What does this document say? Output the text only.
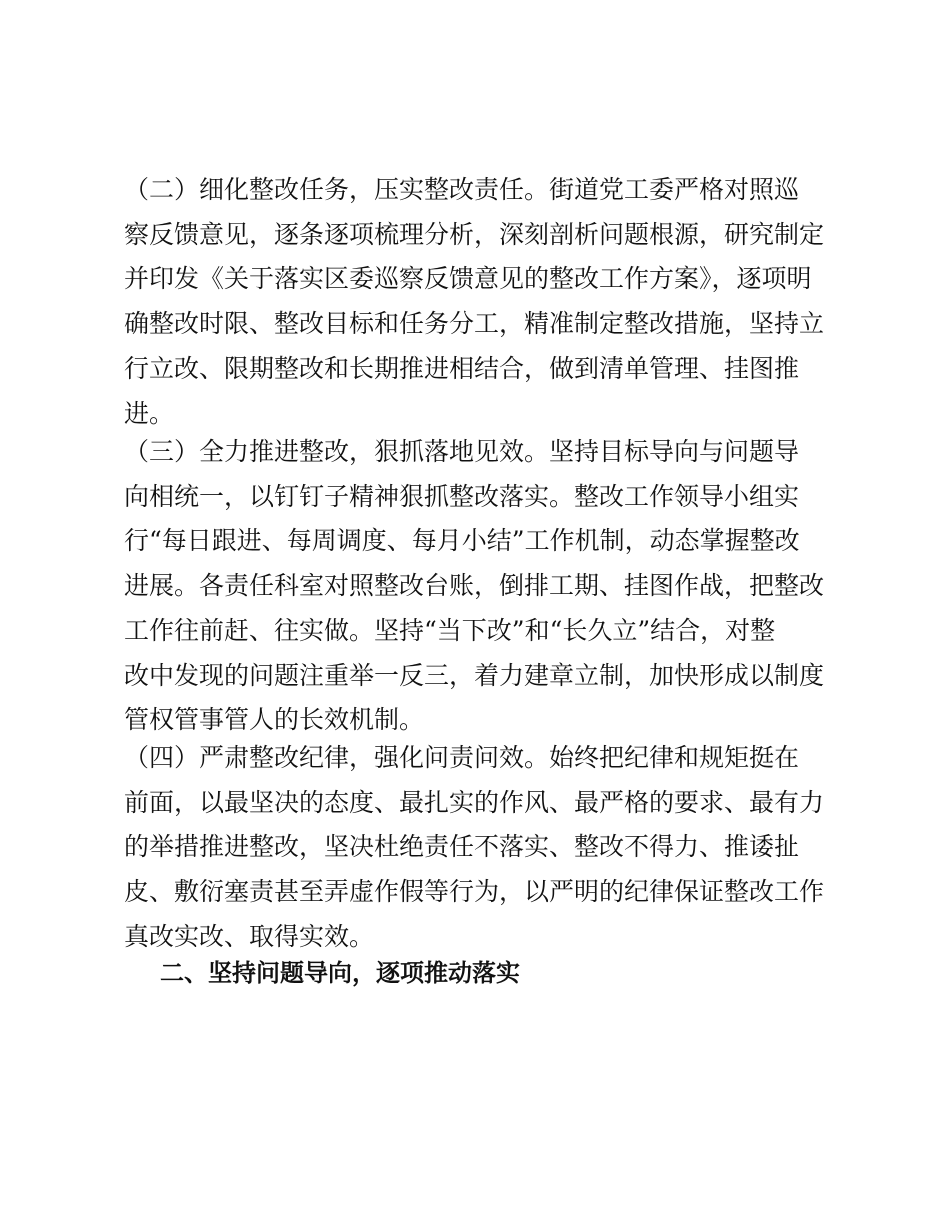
（二）细化整改任务，压实整改责任。街道党工委严格对照巡
察反馈意见，逐条逐项梳理分析，深刻剖析问题根源，研究制定
并印发《关于落实区委巡察反馈意见的整改工作方案》，逐项明
确整改时限、整改目标和任务分工，精准制定整改措施，坚持立
行立改、限期整改和长期推进相结合，做到清单管理、挂图推
进。

（三）全力推进整改，狠抓落地见效。坚持目标导向与问题导
向相统一，以钉钉子精神狠抓整改落实。整改工作领导小组实
行“每日跟进、每周调度、每月小结”工作机制，动态掌握整改
进展。各责任科室对照整改台账，倒排工期、挂图作战，把整改
工作往前赶、往实做。坚持“当下改”和“长久立”结合，对整
改中发现的问题注重举一反三，着力建章立制，加快形成以制度
管权管事管人的长效机制。

（四）严肃整改纪律，强化问责问效。始终把纪律和规矩挺在
前面，以最坚决的态度、最扎实的作风、最严格的要求、最有力
的举措推进整改，坚决杜绝责任不落实、整改不得力、推诿扯
皮、敷衍塞责甚至弄虚作假等行为，以严明的纪律保证整改工作
真改实改、取得实效。

二、坚持问题导向，逐项推动落实
